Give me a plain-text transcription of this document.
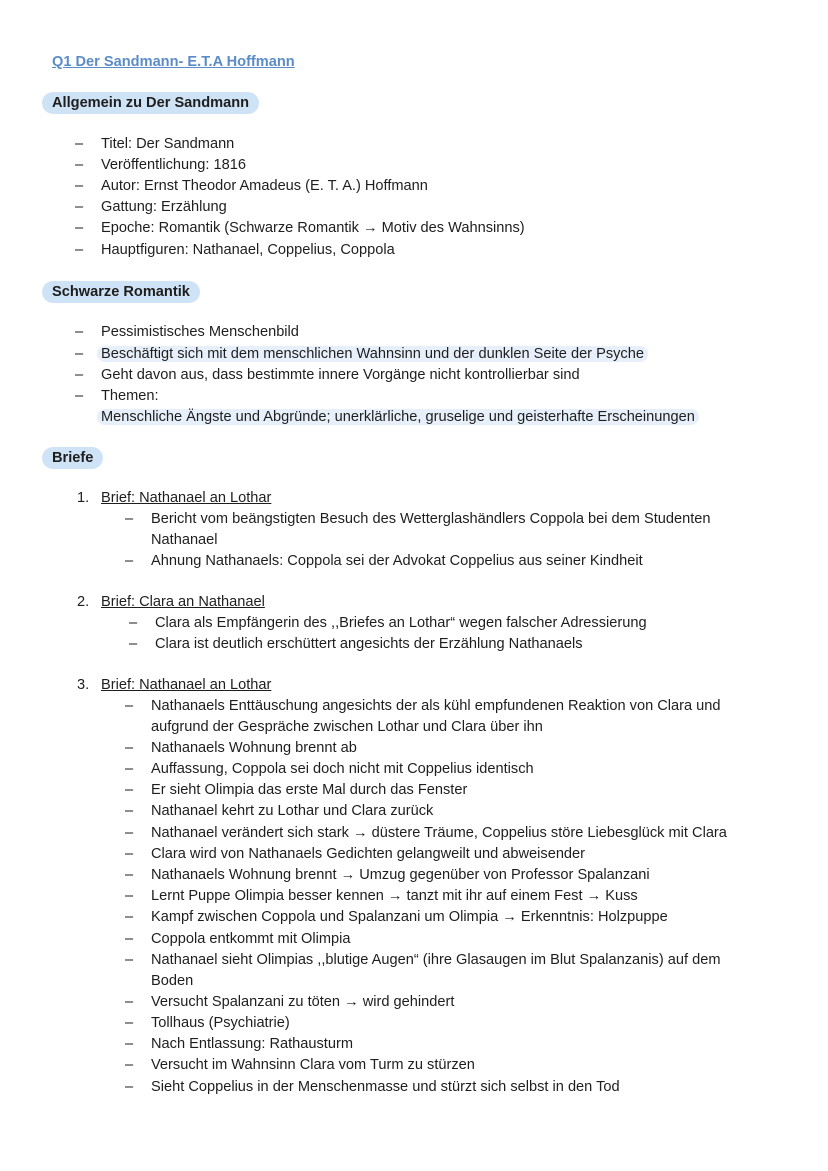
Q1 Der Sandmann- E.T.A Hoffmann
Allgemein zu Der Sandmann
– Titel: Der Sandmann
– Veröffentlichung: 1816
– Autor: Ernst Theodor Amadeus (E. T. A.) Hoffmann
– Gattung: Erzählung
– Epoche: Romantik (Schwarze Romantik → Motiv des Wahnsinns)
– Hauptfiguren: Nathanael, Coppelius, Coppola
Schwarze Romantik
– Pessimistisches Menschenbild
– Beschäftigt sich mit dem menschlichen Wahnsinn und der dunklen Seite der Psyche
– Geht davon aus, dass bestimmte innere Vorgänge nicht kontrollierbar sind
– Themen:
Menschliche Ängste und Abgründe; unerklärliche, gruselige und geisterhafte Erscheinungen
Briefe
1. Brief: Nathanael an Lothar
– Bericht vom beängstigten Besuch des Wetterglashändlers Coppola bei dem Studenten
Nathanael
– Ahnung Nathanaels: Coppola sei der Advokat Coppelius aus seiner Kindheit
2. Brief: Clara an Nathanael
– Clara als Empfängerin des ,,Briefes an Lothar“ wegen falscher Adressierung
– Clara ist deutlich erschüttert angesichts der Erzählung Nathanaels
3. Brief: Nathanael an Lothar
– Nathanaels Enttäuschung angesichts der als kühl empfundenen Reaktion von Clara und
aufgrund der Gespräche zwischen Lothar und Clara über ihn
– Nathanaels Wohnung brennt ab
– Auffassung, Coppola sei doch nicht mit Coppelius identisch
– Er sieht Olimpia das erste Mal durch das Fenster
– Nathanael kehrt zu Lothar und Clara zurück
– Nathanael verändert sich stark → düstere Träume, Coppelius störe Liebesglück mit Clara
– Clara wird von Nathanaels Gedichten gelangweilt und abweisender
– Nathanaels Wohnung brennt → Umzug gegenüber von Professor Spalanzani
– Lernt Puppe Olimpia besser kennen → tanzt mit ihr auf einem Fest → Kuss
– Kampf zwischen Coppola und Spalanzani um Olimpia → Erkenntnis: Holzpuppe
– Coppola entkommt mit Olimpia
– Nathanael sieht Olimpias ,,blutige Augen“ (ihre Glasaugen im Blut Spalanzanis) auf dem
Boden
– Versucht Spalanzani zu töten → wird gehindert
– Tollhaus (Psychiatrie)
– Nach Entlassung: Rathausturm
– Versucht im Wahnsinn Clara vom Turm zu stürzen
– Sieht Coppelius in der Menschenmasse und stürzt sich selbst in den Tod
